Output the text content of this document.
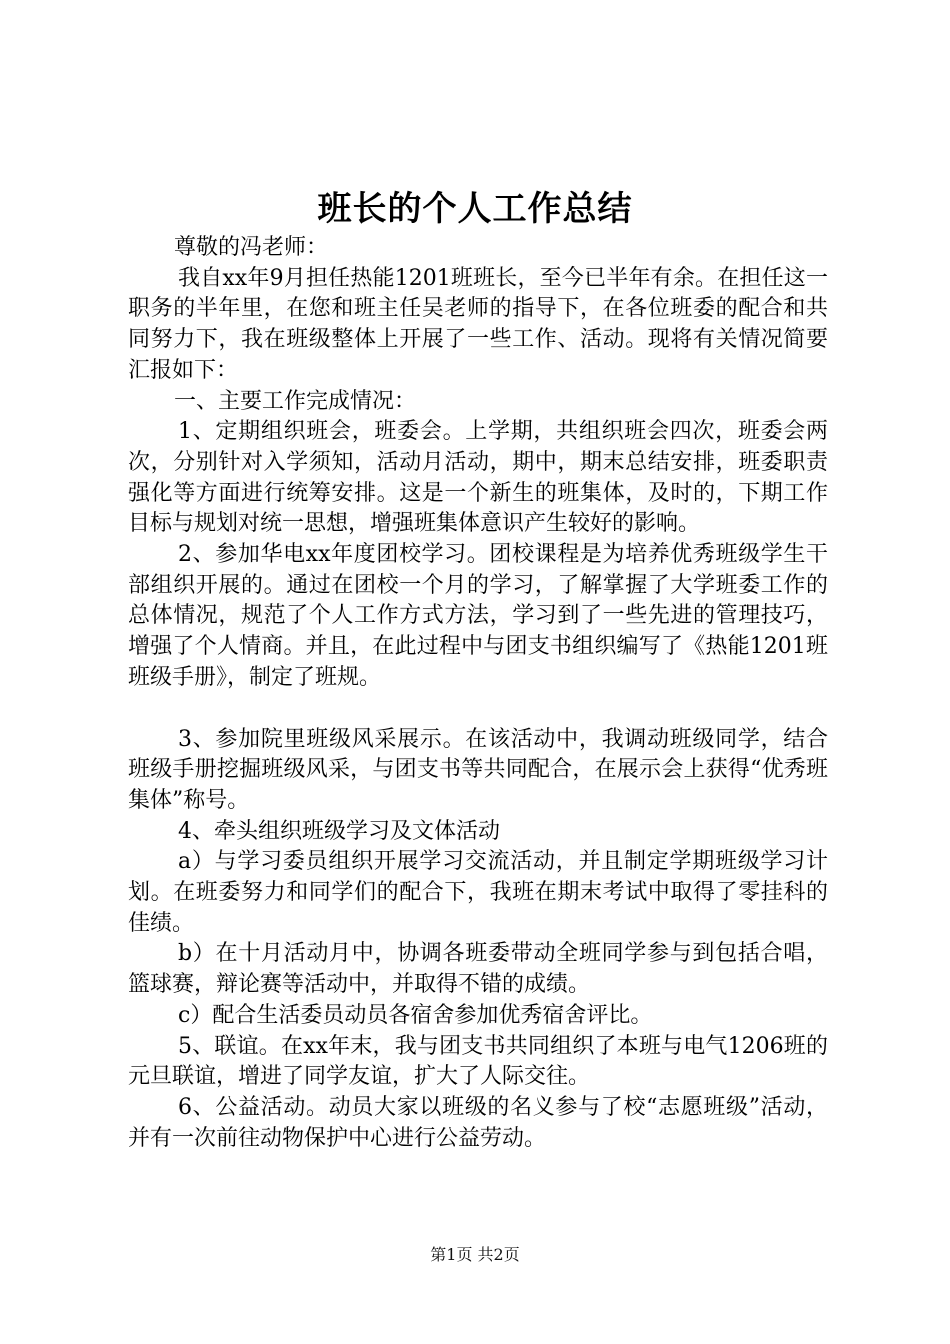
班长的个人工作总结

尊敬的冯老师：

我自xx年9月担任热能1201班班长，至今已半年有余。在担任这一职务的半年里，在您和班主任吴老师的指导下，在各位班委的配合和共同努力下，我在班级整体上开展了一些工作、活动。现将有关情况简要汇报如下：

一、主要工作完成情况：

1、定期组织班会，班委会。上学期，共组织班会四次，班委会两次，分别针对入学须知，活动月活动，期中，期末总结安排，班委职责强化等方面进行统筹安排。这是一个新生的班集体，及时的，下期工作目标与规划对统一思想，增强班集体意识产生较好的影响。

2、参加华电xx年度团校学习。团校课程是为培养优秀班级学生干部组织开展的。通过在团校一个月的学习，了解掌握了大学班委工作的总体情况，规范了个人工作方式方法，学习到了一些先进的管理技巧，增强了个人情商。并且，在此过程中与团支书组织编写了《热能1201班班级手册》，制定了班规。

3、参加院里班级风采展示。在该活动中，我调动班级同学，结合班级手册挖掘班级风采，与团支书等共同配合，在展示会上获得“优秀班集体”称号。

4、牵头组织班级学习及文体活动

a）与学习委员组织开展学习交流活动，并且制定学期班级学习计划。在班委努力和同学们的配合下，我班在期末考试中取得了零挂科的佳绩。

b）在十月活动月中，协调各班委带动全班同学参与到包括合唱，篮球赛，辩论赛等活动中，并取得不错的成绩。

c）配合生活委员动员各宿舍参加优秀宿舍评比。

5、联谊。在xx年末，我与团支书共同组织了本班与电气1206班的元旦联谊，增进了同学友谊，扩大了人际交往。

6、公益活动。动员大家以班级的名义参与了校“志愿班级”活动，并有一次前往动物保护中心进行公益劳动。

第1页 共2页
